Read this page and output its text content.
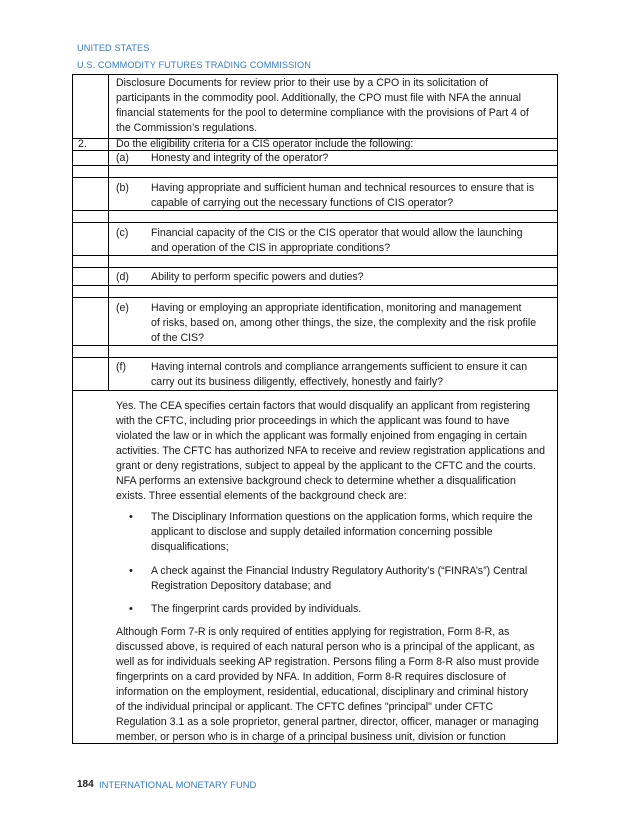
UNITED STATES
U.S. COMMODITY FUTURES TRADING COMMISSION
Disclosure Documents for review prior to their use by a CPO in its solicitation of
participants in the commodity pool. Additionally, the CPO must file with NFA the annual
financial statements for the pool to determine compliance with the provisions of Part 4 of
the Commission’s regulations.
2.	Do the eligibility criteria for a CIS operator include the following:
(a) Honesty and integrity of the operator?
(b) Having appropriate and sufficient human and technical resources to ensure that is
capable of carrying out the necessary functions of CIS operator?
(c) Financial capacity of the CIS or the CIS operator that would allow the launching
and operation of the CIS in appropriate conditions?
(d) Ability to perform specific powers and duties?
(e) Having or employing an appropriate identification, monitoring and management
of risks, based on, among other things, the size, the complexity and the risk profile
of the CIS?
(f) Having internal controls and compliance arrangements sufficient to ensure it can
carry out its business diligently, effectively, honestly and fairly?
Yes. The CEA specifies certain factors that would disqualify an applicant from registering
with the CFTC, including prior proceedings in which the applicant was found to have
violated the law or in which the applicant was formally enjoined from engaging in certain
activities. The CFTC has authorized NFA to receive and review registration applications and
grant or deny registrations, subject to appeal by the applicant to the CFTC and the courts.
NFA performs an extensive background check to determine whether a disqualification
exists. Three essential elements of the background check are:
• The Disciplinary Information questions on the application forms, which require the
applicant to disclose and supply detailed information concerning possible
disqualifications;
• A check against the Financial Industry Regulatory Authority’s (“FINRA’s”) Central
Registration Depository database; and
• The fingerprint cards provided by individuals.
Although Form 7-R is only required of entities applying for registration, Form 8-R, as
discussed above, is required of each natural person who is a principal of the applicant, as
well as for individuals seeking AP registration. Persons filing a Form 8-R also must provide
fingerprints on a card provided by NFA. In addition, Form 8-R requires disclosure of
information on the employment, residential, educational, disciplinary and criminal history
of the individual principal or applicant. The CFTC defines "principal" under CFTC
Regulation 3.1 as a sole proprietor, general partner, director, officer, manager or managing
member, or person who is in charge of a principal business unit, division or function
184 INTERNATIONAL MONETARY FUND
